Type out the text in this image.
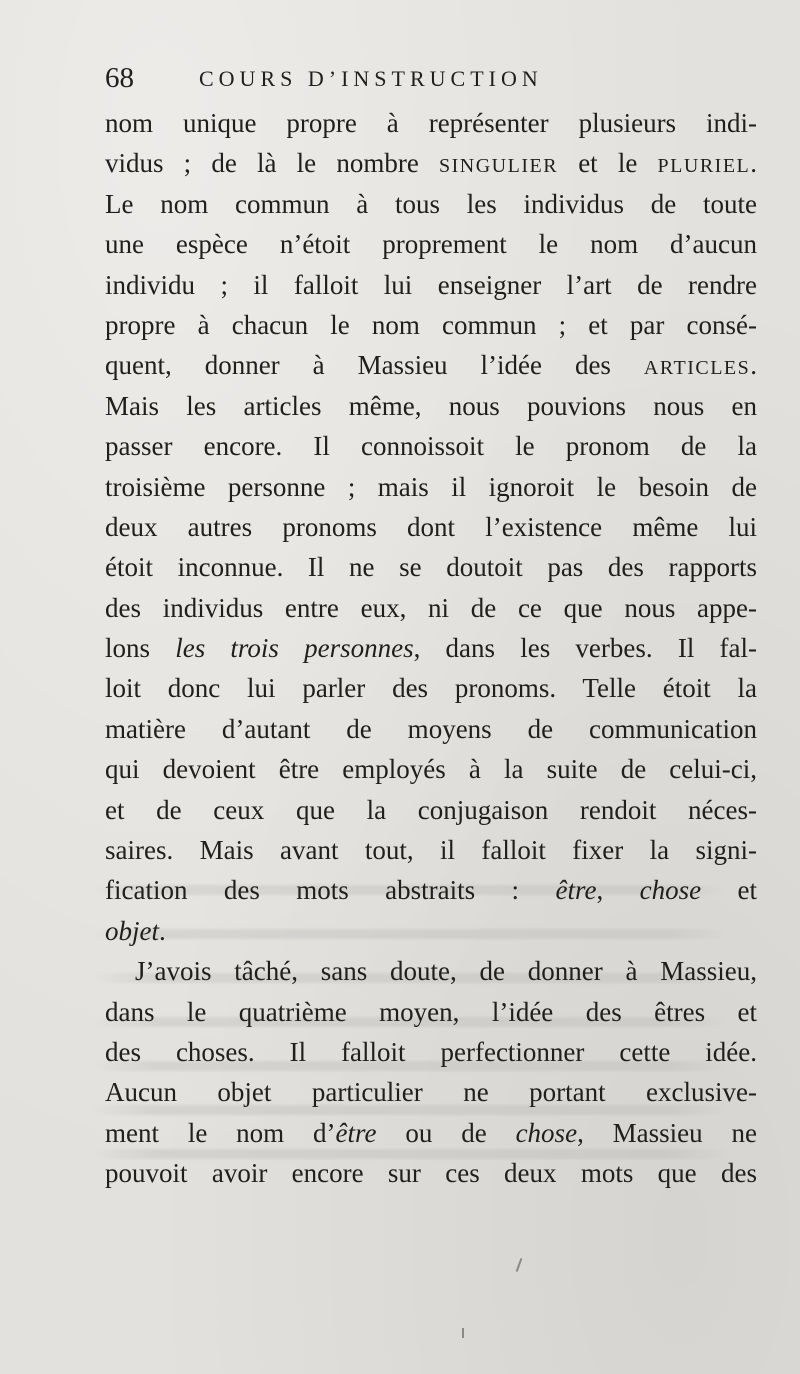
68	COURS D’INSTRUCTION
nom unique propre à représenter plusieurs indi-
vidus ; de là le nombre SINGULIER et le PLURIEL.
Le nom commun à tous les individus de toute
une espèce n’étoit proprement le nom d’aucun
individu ; il falloit lui enseigner l’art de rendre
propre à chacun le nom commun ; et par consé-
quent, donner à Massieu l’idée des ARTICLES.
Mais les articles même, nous pouvions nous en
passer encore. Il connoissoit le pronom de la
troisième personne ; mais il ignoroit le besoin de
deux autres pronoms dont l’existence même lui
étoit inconnue. Il ne se doutoit pas des rapports
des individus entre eux, ni de ce que nous appe-
lons les trois personnes, dans les verbes. Il fal-
loit donc lui parler des pronoms. Telle étoit la
matière d’autant de moyens de communication
qui devoient être employés à la suite de celui-ci,
et de ceux que la conjugaison rendoit néces-
saires. Mais avant tout, il falloit fixer la signi-
fication des mots abstraits : être, chose et
objet.
J’avois tâché, sans doute, de donner à Massieu,
dans le quatrième moyen, l’idée des êtres et
des choses. Il falloit perfectionner cette idée.
Aucun objet particulier ne portant exclusive-
ment le nom d’être ou de chose, Massieu ne
pouvoit avoir encore sur ces deux mots que des
